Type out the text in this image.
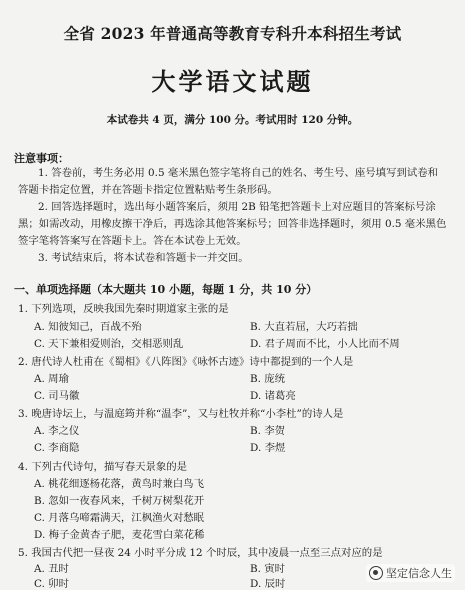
全省 2023 年普通高等教育专科升本科招生考试
大学语文试题
本试卷共 4 页，满分 100 分。考试用时 120 分钟。
注意事项：
1. 答卷前，考生务必用 0.5 毫米黑色签字笔将自己的姓名、考生号、座号填写到试卷和
答题卡指定位置，并在答题卡指定位置粘贴考生条形码。
2. 回答选择题时，选出每小题答案后，须用 2B 铅笔把答题卡上对应题目的答案标号涂
黑；如需改动，用橡皮擦干净后，再选涂其他答案标号；回答非选择题时，须用 0.5 毫米黑色
签字笔将答案写在答题卡上。答在本试卷上无效。
3. 考试结束后，将本试卷和答题卡一并交回。
一、单项选择题（本大题共 10 小题，每题 1 分，共 10 分）
1. 下列选项，反映我国先秦时期道家主张的是
A. 知彼知己，百战不殆	B. 大直若屈，大巧若拙
C. 天下兼相爱则治，交相恶则乱	D. 君子周而不比，小人比而不周
2. 唐代诗人杜甫在《蜀相》《八阵图》《咏怀古迹》诗中都提到的一个人是
A. 周瑜	B. 庞统
C. 司马徽	D. 诸葛亮
3. 晚唐诗坛上，与温庭筠并称“温李”，又与杜牧并称“小李杜”的诗人是
A. 李之仪	B. 李贺
C. 李商隐	D. 李煜
4. 下列古代诗句，描写春天景象的是
A. 桃花细逐杨花落，黄鸟时兼白鸟飞
B. 忽如一夜春风来，千树万树梨花开
C. 月落乌啼霜满天，江枫渔火对愁眠
D. 梅子金黄杏子肥，麦花雪白菜花稀
5. 我国古代把一昼夜 24 小时平分成 12 个时辰，其中凌晨一点至三点对应的是
A. 丑时	B. 寅时
C. 卯时	D. 辰时
坚定信念人生
